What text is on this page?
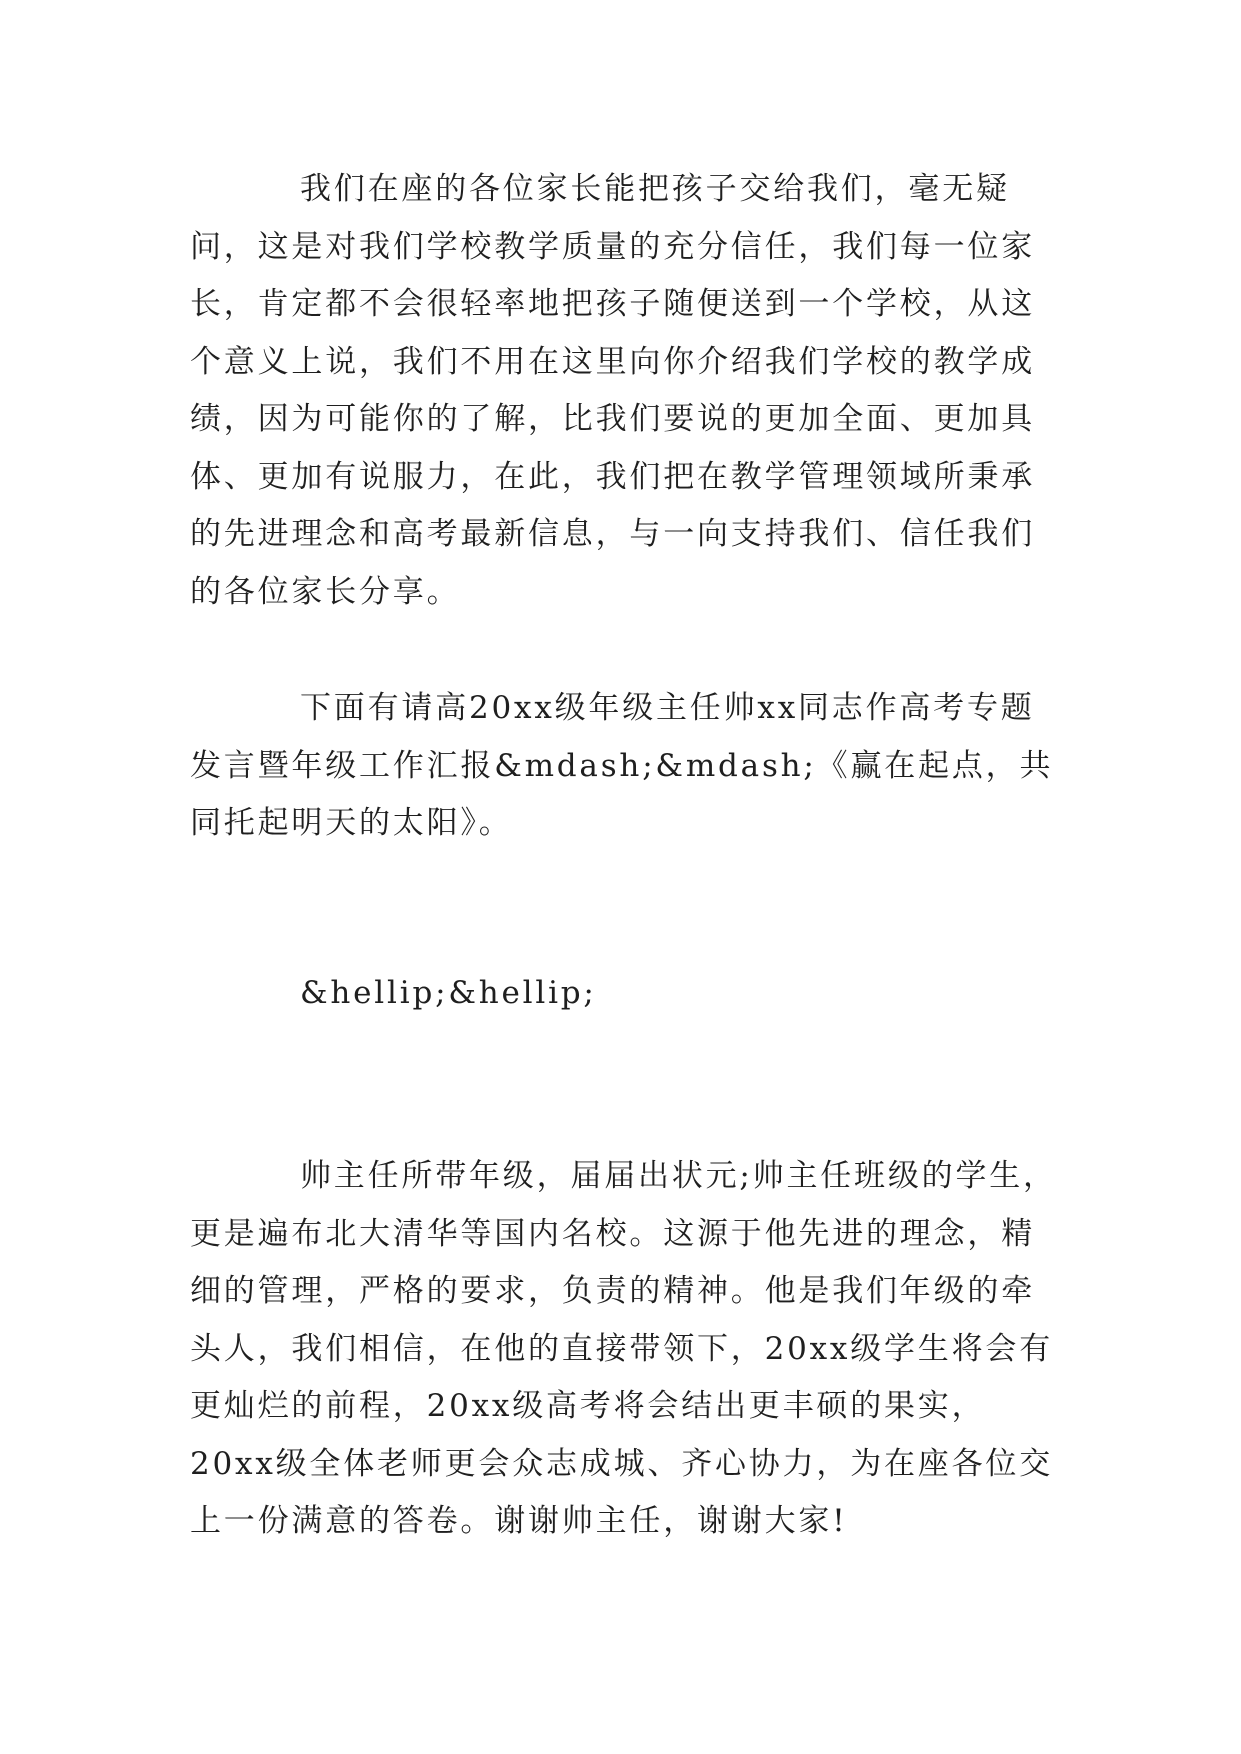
我们在座的各位家长能把孩子交给我们，毫无疑问，这是对我们学校教学质量的充分信任，我们每一位家长，肯定都不会很轻率地把孩子随便送到一个学校，从这个意义上说，我们不用在这里向你介绍我们学校的教学成绩，因为可能你的了解，比我们要说的更加全面、更加具体、更加有说服力，在此，我们把在教学管理领域所秉承的先进理念和高考最新信息，与一向支持我们、信任我们的各位家长分享。

下面有请高20xx级年级主任帅xx同志作高考专题发言暨年级工作汇报&mdash;&mdash;《赢在起点，共同托起明天的太阳》。

&hellip;&hellip;

帅主任所带年级，届届出状元;帅主任班级的学生，更是遍布北大清华等国内名校。这源于他先进的理念，精细的管理，严格的要求，负责的精神。他是我们年级的牵头人，我们相信，在他的直接带领下，20xx级学生将会有更灿烂的前程，20xx级高考将会结出更丰硕的果实，20xx级全体老师更会众志成城、齐心协力，为在座各位交上一份满意的答卷。谢谢帅主任，谢谢大家!
